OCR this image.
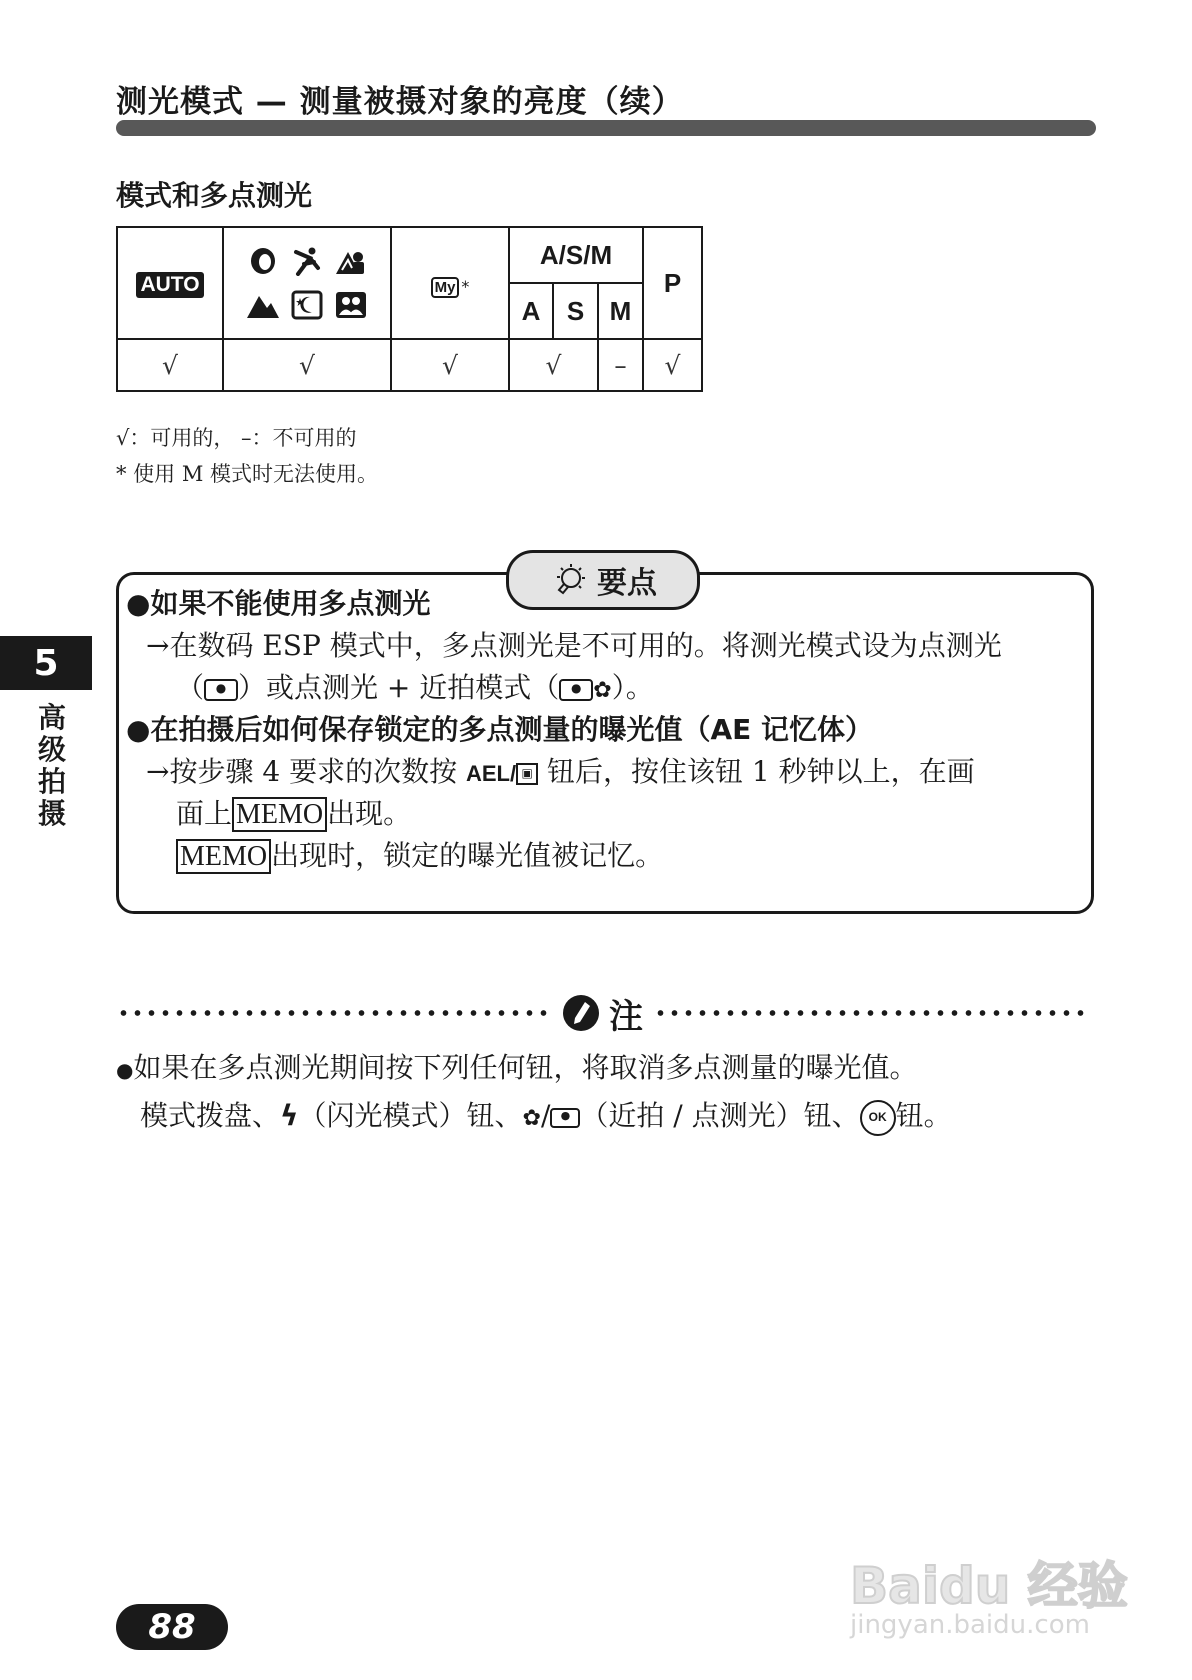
测光模式 — 测量被摄对象的亮度（续）
模式和多点测光
AUTO		My *	A/S/M			P
			A	S	M	
√	√	√	√		–	√
√：可用的， –：不可用的
* 使用 M 模式时无法使用。
要点
●如果不能使用多点测光
→在数码 ESP 模式中，多点测光是不可用的。将测光模式设为点测光
（ ● ）或点测光 + 近拍模式（ ● ✿）。
●在拍摄后如何保存锁定的多点测量的曝光值（AE 记忆体）
→按步骤 4 要求的次数按 AEL/ ▣ 钮后，按住该钮 1 秒钟以上，在画
面上 MEMO 出现。
MEMO 出现时，锁定的曝光值被记忆。
5
高级拍摄
注
●如果在多点测光期间按下列任何钮，将取消多点测量的曝光值。
模式拨盘、ϟ（闪光模式）钮、✿/ ● （近拍 / 点测光）钮、 OK 钮。
88
Baidu 经验
jingyan.baidu.com
